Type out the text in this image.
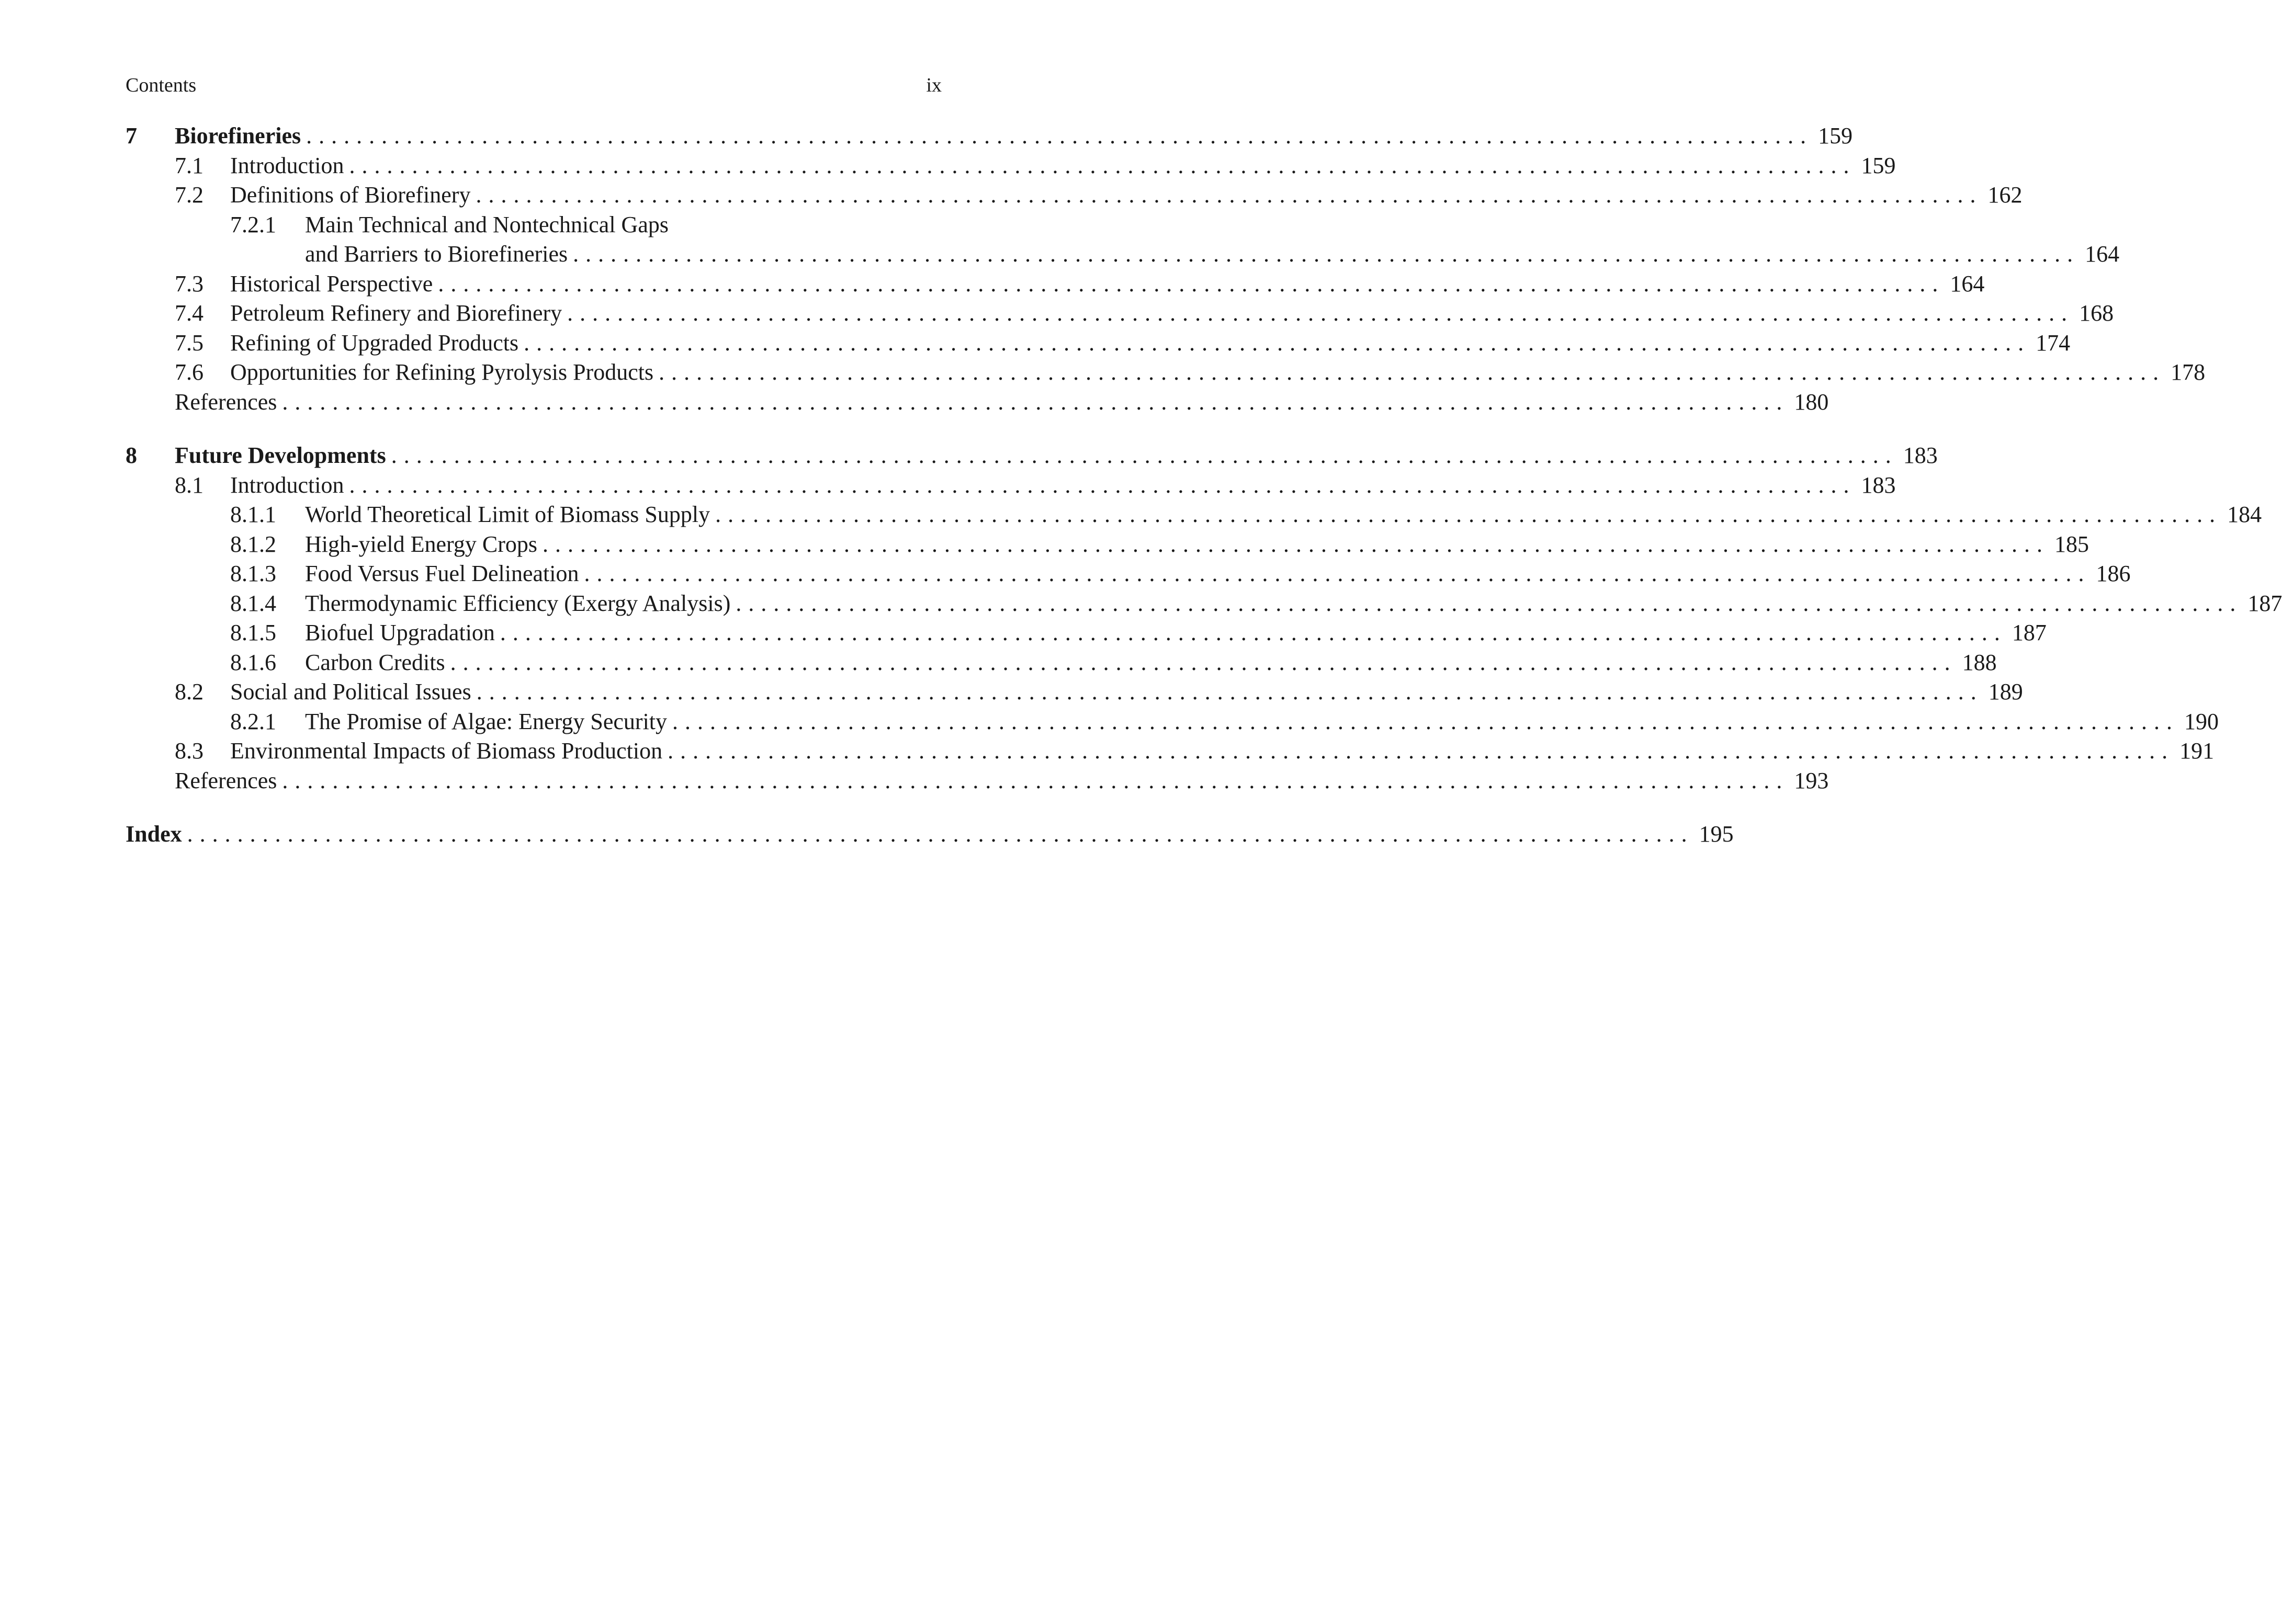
Contents	ix
7 Biorefineries ........................................................................................................................ 159
7.1 Introduction ........................................................................................................................ 159
7.2 Definitions of Biorefinery ........................................................................................................................ 162
7.2.1 Main Technical and Nontechnical Gaps
and Barriers to Biorefineries ........................................................................................................................ 164
7.3 Historical Perspective ........................................................................................................................ 164
7.4 Petroleum Refinery and Biorefinery ........................................................................................................................ 168
7.5 Refining of Upgraded Products ........................................................................................................................ 174
7.6 Opportunities for Refining Pyrolysis Products ........................................................................................................................ 178
References ........................................................................................................................ 180
8 Future Developments ........................................................................................................................ 183
8.1 Introduction ........................................................................................................................ 183
8.1.1 World Theoretical Limit of Biomass Supply ........................................................................................................................ 184
8.1.2 High-yield Energy Crops ........................................................................................................................ 185
8.1.3 Food Versus Fuel Delineation ........................................................................................................................ 186
8.1.4 Thermodynamic Efficiency (Exergy Analysis) ........................................................................................................................ 187
8.1.5 Biofuel Upgradation ........................................................................................................................ 187
8.1.6 Carbon Credits ........................................................................................................................ 188
8.2 Social and Political Issues ........................................................................................................................ 189
8.2.1 The Promise of Algae: Energy Security ........................................................................................................................ 190
8.3 Environmental Impacts of Biomass Production ........................................................................................................................ 191
References ........................................................................................................................ 193
Index ........................................................................................................................ 195
